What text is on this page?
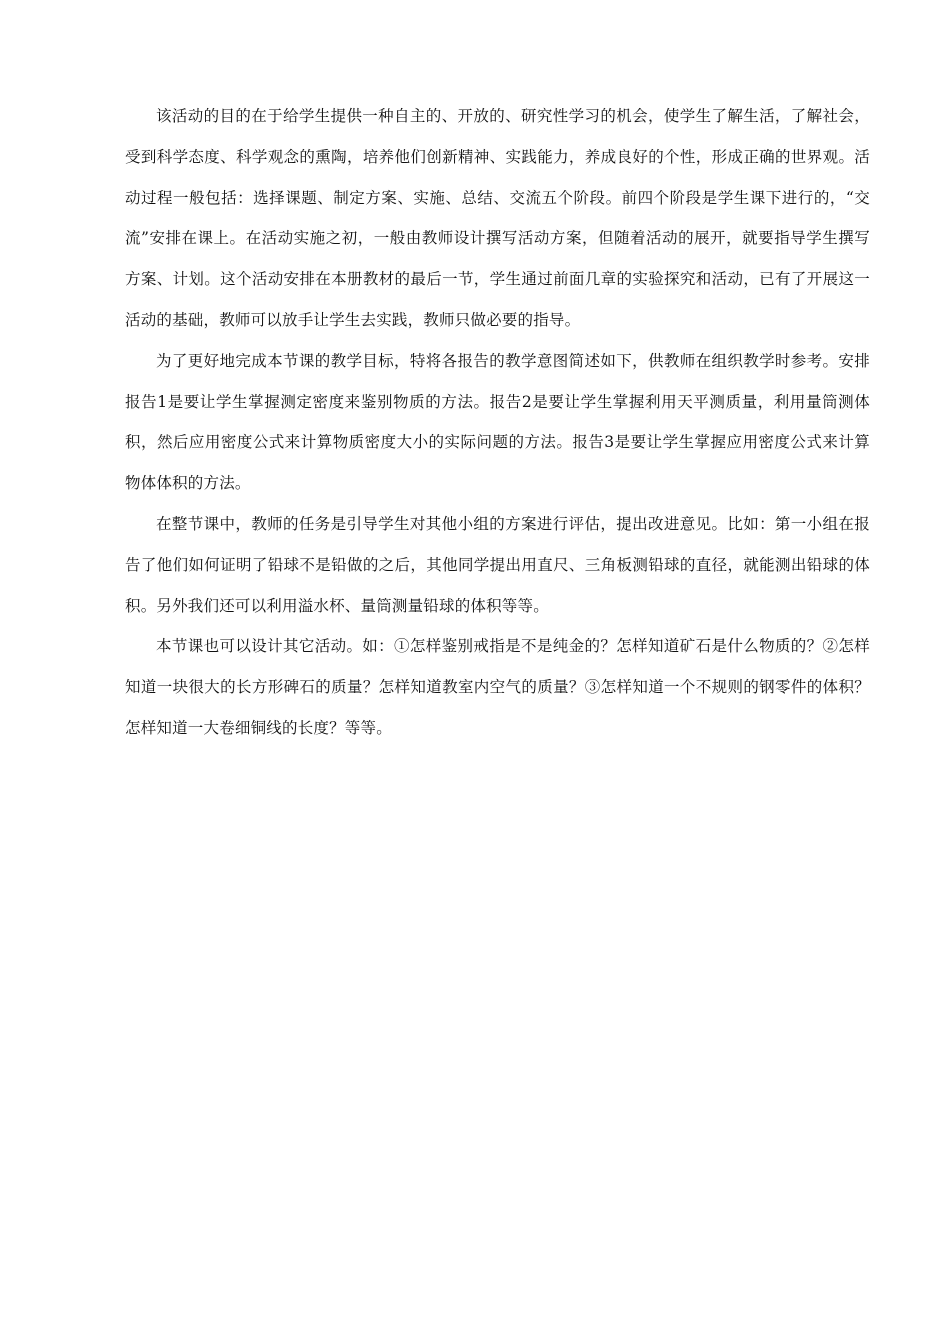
该活动的目的在于给学生提供一种自主的、开放的、研究性学习的机会，使学生了解生活，了解社会，受到科学态度、科学观念的熏陶，培养他们创新精神、实践能力，养成良好的个性，形成正确的世界观。活动过程一般包括：选择课题、制定方案、实施、总结、交流五个阶段。前四个阶段是学生课下进行的，“交流”安排在课上。在活动实施之初，一般由教师设计撰写活动方案，但随着活动的展开，就要指导学生撰写方案、计划。这个活动安排在本册教材的最后一节，学生通过前面几章的实验探究和活动，已有了开展这一活动的基础，教师可以放手让学生去实践，教师只做必要的指导。

为了更好地完成本节课的教学目标，特将各报告的教学意图简述如下，供教师在组织教学时参考。安排报告1是要让学生掌握测定密度来鉴别物质的方法。报告2是要让学生掌握利用天平测质量，利用量筒测体积，然后应用密度公式来计算物质密度大小的实际问题的方法。报告3是要让学生掌握应用密度公式来计算物体体积的方法。

在整节课中，教师的任务是引导学生对其他小组的方案进行评估，提出改进意见。比如：第一小组在报告了他们如何证明了铅球不是铅做的之后，其他同学提出用直尺、三角板测铅球的直径，就能测出铅球的体积。另外我们还可以利用溢水杯、量筒测量铅球的体积等等。

本节课也可以设计其它活动。如：①怎样鉴别戒指是不是纯金的？怎样知道矿石是什么物质的？②怎样知道一块很大的长方形碑石的质量？怎样知道教室内空气的质量？③怎样知道一个不规则的钢零件的体积？怎样知道一大卷细铜线的长度？等等。
